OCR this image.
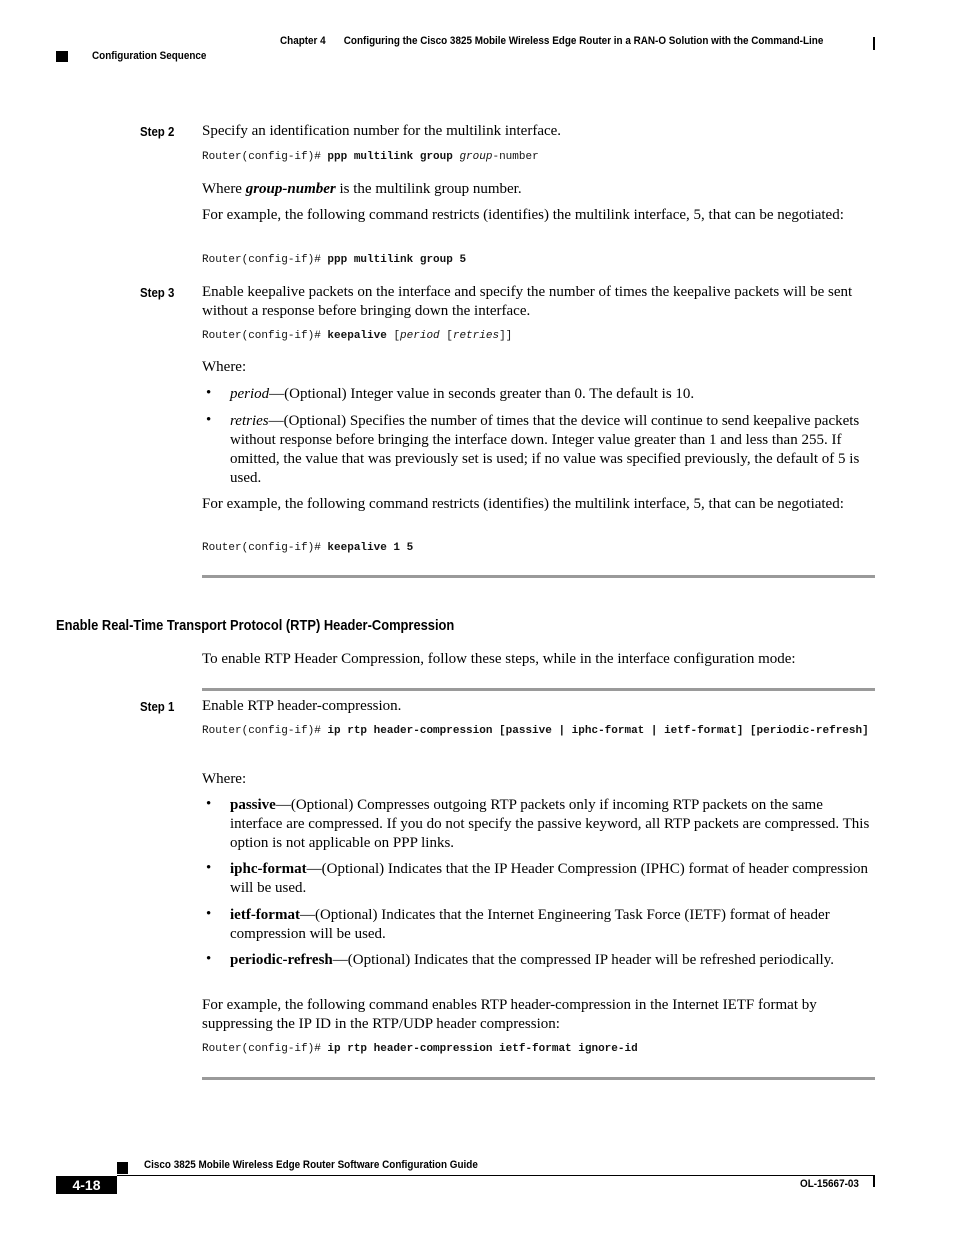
Chapter 4 Configuring the Cisco 3825 Mobile Wireless Edge Router in a RAN-O Solution with the Command-Line
Configuration Sequence
Step 2 Specify an identification number for the multilink interface.
Router(config-if)# ppp multilink group group-number
Where group-number is the multilink group number.
For example, the following command restricts (identifies) the multilink interface, 5, that can be negotiated:
Router(config-if)# ppp multilink group 5
Step 3 Enable keepalive packets on the interface and specify the number of times the keepalive packets will be sent without a response before bringing down the interface.
Router(config-if)# keepalive [period [retries]]
Where:
• period—(Optional) Integer value in seconds greater than 0. The default is 10.
• retries—(Optional) Specifies the number of times that the device will continue to send keepalive packets without response before bringing the interface down. Integer value greater than 1 and less than 255. If omitted, the value that was previously set is used; if no value was specified previously, the default of 5 is used.
For example, the following command restricts (identifies) the multilink interface, 5, that can be negotiated:
Router(config-if)# keepalive 1 5
Enable Real-Time Transport Protocol (RTP) Header-Compression
To enable RTP Header Compression, follow these steps, while in the interface configuration mode:
Step 1 Enable RTP header-compression.
Router(config-if)# ip rtp header-compression [passive | iphc-format | ietf-format] [periodic-refresh]
Where:
• passive—(Optional) Compresses outgoing RTP packets only if incoming RTP packets on the same interface are compressed. If you do not specify the passive keyword, all RTP packets are compressed. This option is not applicable on PPP links.
• iphc-format—(Optional) Indicates that the IP Header Compression (IPHC) format of header compression will be used.
• ietf-format—(Optional) Indicates that the Internet Engineering Task Force (IETF) format of header compression will be used.
• periodic-refresh—(Optional) Indicates that the compressed IP header will be refreshed periodically.
For example, the following command enables RTP header-compression in the Internet IETF format by suppressing the IP ID in the RTP/UDP header compression:
Router(config-if)# ip rtp header-compression ietf-format ignore-id
Cisco 3825 Mobile Wireless Edge Router Software Configuration Guide
4-18	OL-15667-03
